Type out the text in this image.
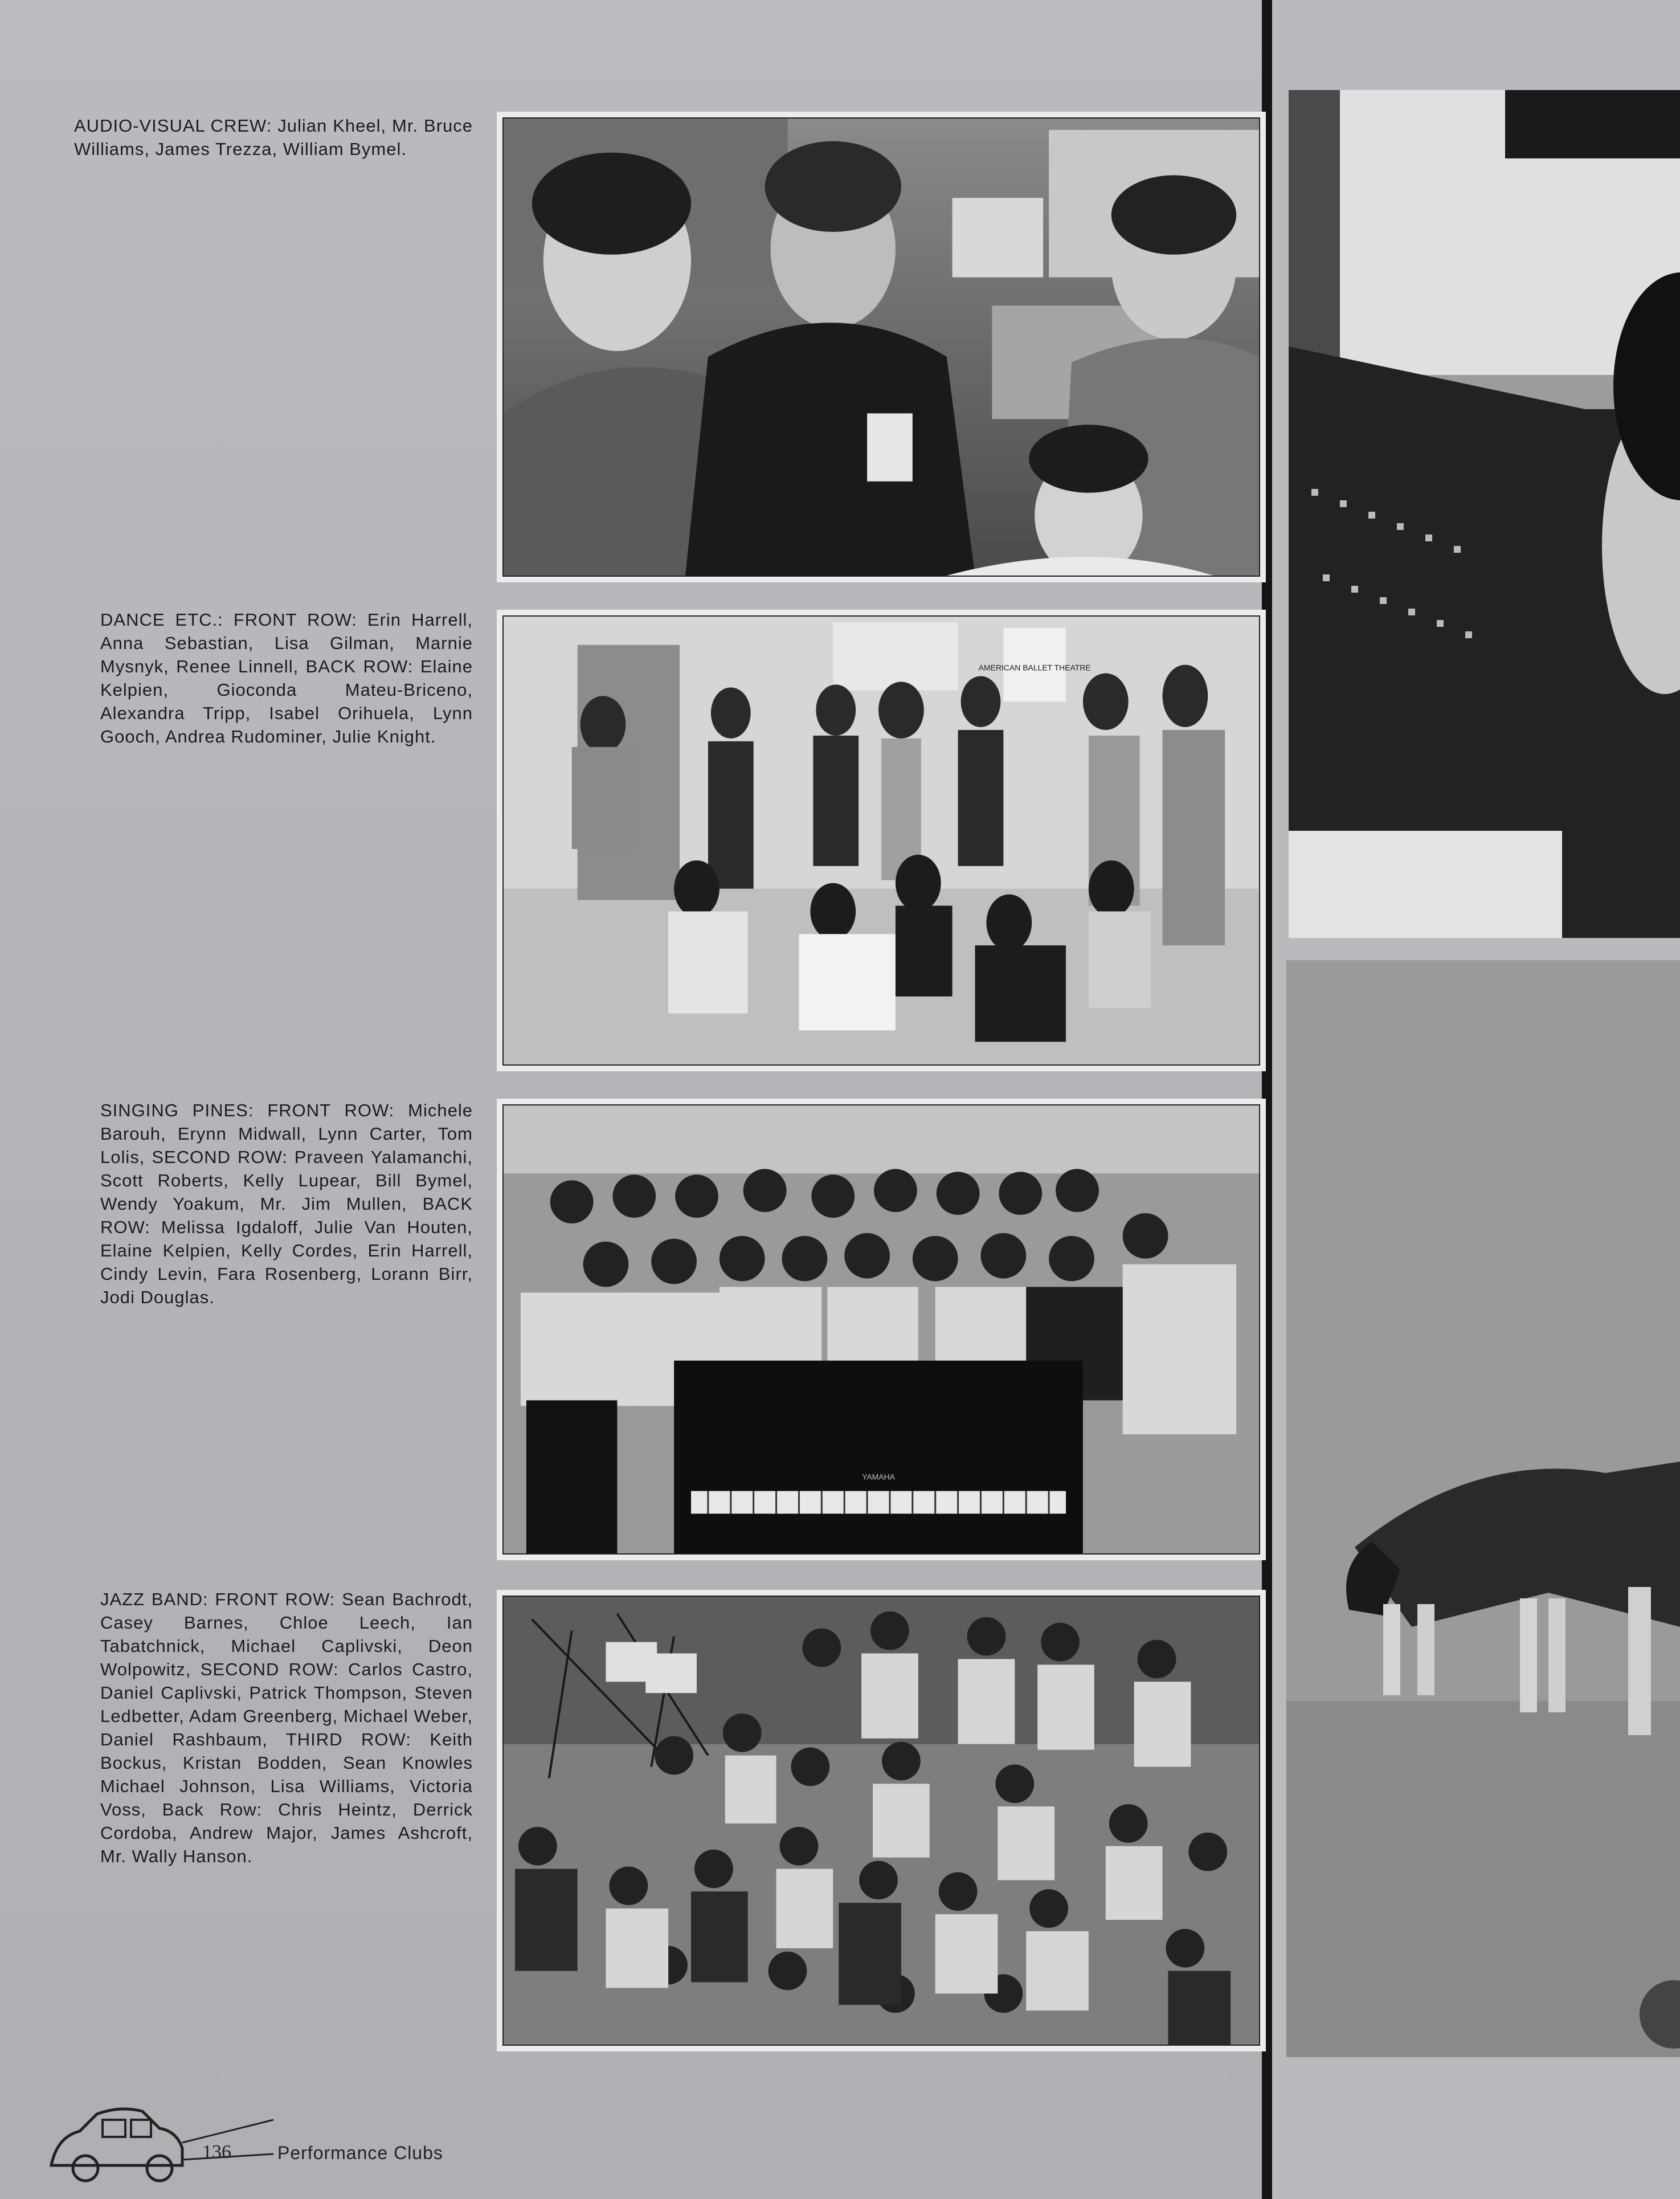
AUDIO-VISUAL CREW: Julian Kheel, Mr. Bruce Williams, James Trezza, William Bymel.
DANCE ETC.: FRONT ROW: Erin Harrell, Anna Sebastian, Lisa Gilman, Marnie Mysnyk, Renee Linnell, BACK ROW: Elaine Kelpien, Gioconda Mateu-Briceno, Alexandra Tripp, Isabel Orihuela, Lynn Gooch, Andrea Rudominer, Julie Knight.
SINGING PINES: FRONT ROW: Michele Barouh, Erynn Midwall, Lynn Carter, Tom Lolis, SECOND ROW: Praveen Yalamanchi, Scott Roberts, Kelly Lupear, Bill Bymel, Wendy Yoakum, Mr. Jim Mullen, BACK ROW: Melissa Igdaloff, Julie Van Houten, Elaine Kelpien, Kelly Cordes, Erin Harrell, Cindy Levin, Fara Rosenberg, Lorann Birr, Jodi Douglas.
JAZZ BAND: FRONT ROW: Sean Bachrodt, Casey Barnes, Chloe Leech, Ian Tabatchnick, Michael Caplivski, Deon Wolpowitz, SECOND ROW: Carlos Castro, Daniel Caplivski, Patrick Thompson, Steven Ledbetter, Adam Greenberg, Michael Weber, Daniel Rashbaum, THIRD ROW: Keith Bockus, Kristan Bodden, Sean Knowles Michael Johnson, Lisa Williams, Victoria Voss, Back Row: Chris Heintz, Derrick Cordoba, Andrew Major, James Ashcroft, Mr. Wally Hanson.
AMERICAN BALLET THEATRE
YAMAHA
136	Performance Clubs
